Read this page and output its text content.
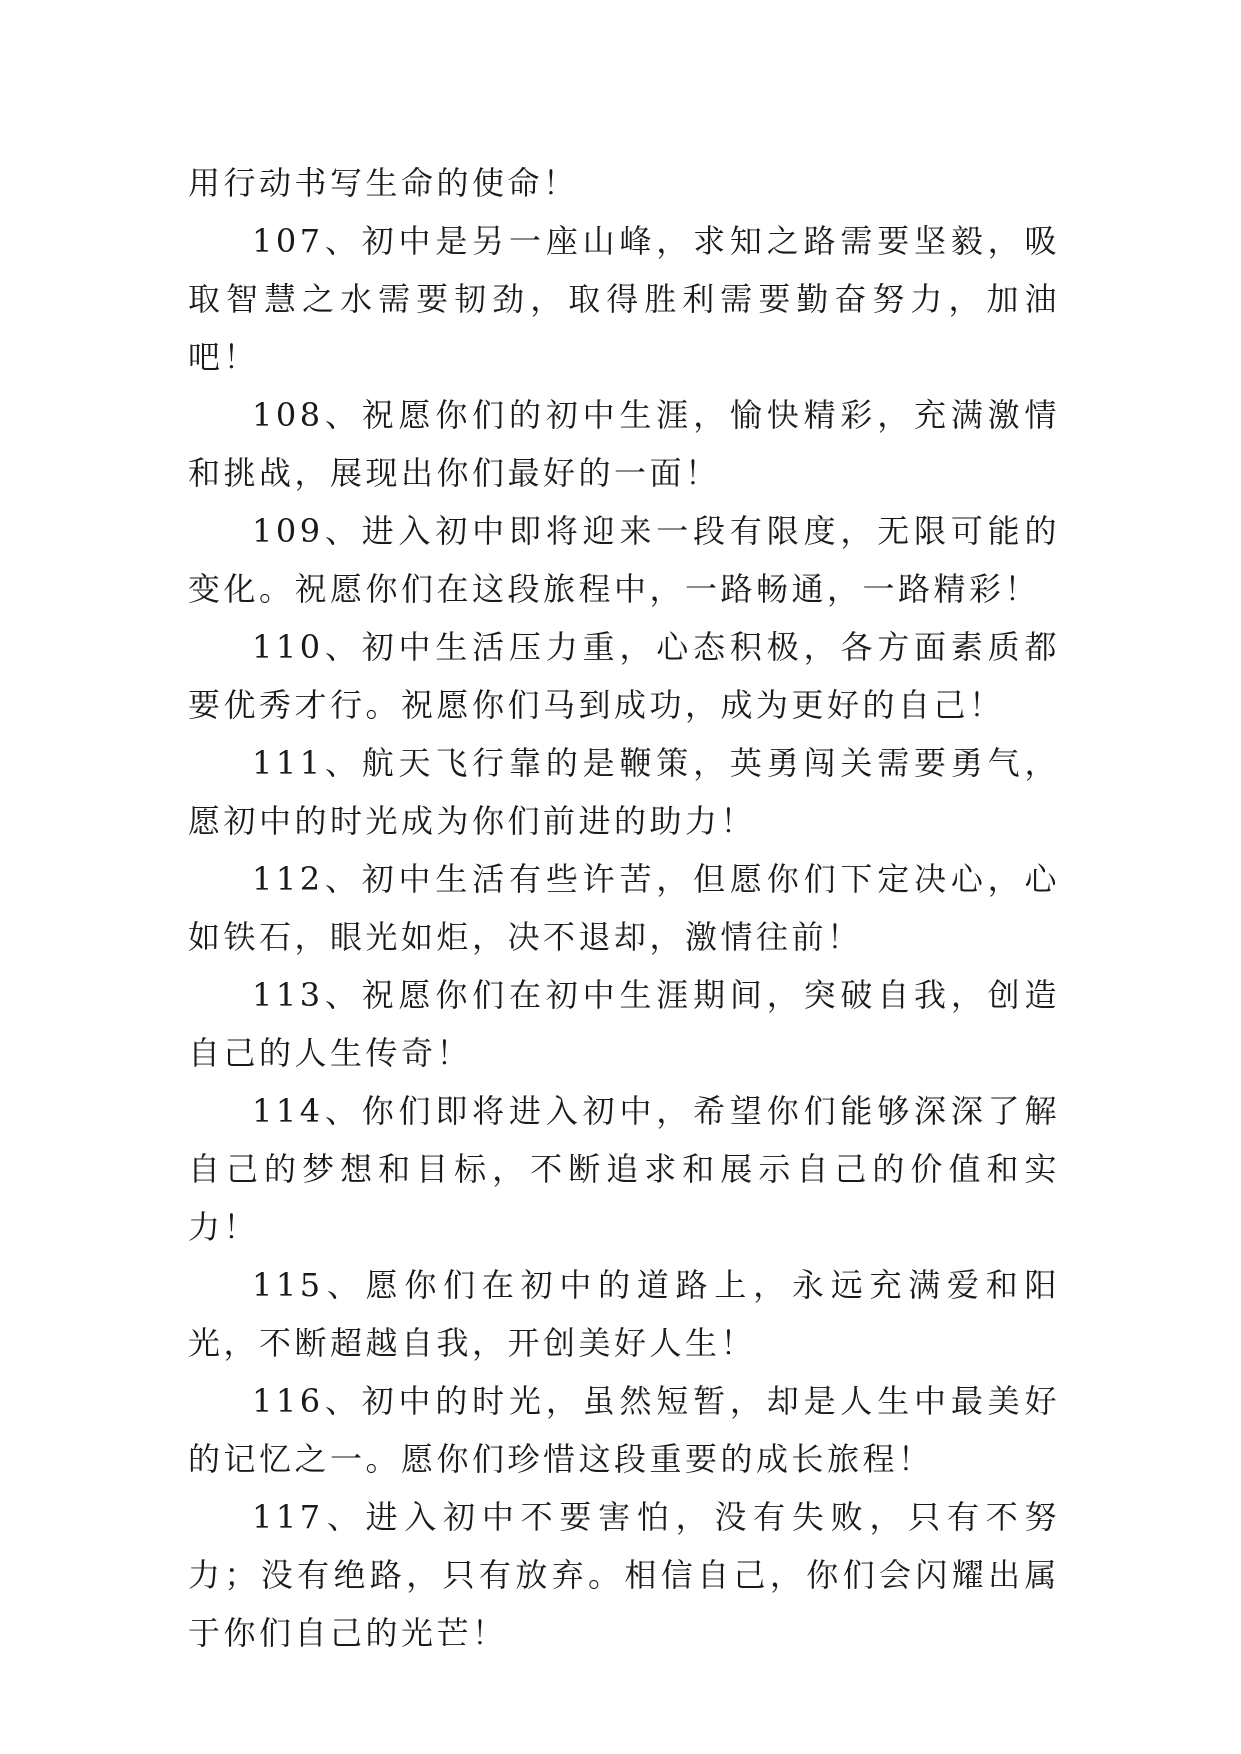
用行动书写生命的使命！

107、初中是另一座山峰，求知之路需要坚毅，吸取智慧之水需要韧劲，取得胜利需要勤奋努力，加油吧！

108、祝愿你们的初中生涯，愉快精彩，充满激情和挑战，展现出你们最好的一面！

109、进入初中即将迎来一段有限度，无限可能的变化。祝愿你们在这段旅程中，一路畅通，一路精彩！

110、初中生活压力重，心态积极，各方面素质都要优秀才行。祝愿你们马到成功，成为更好的自己！

111、航天飞行靠的是鞭策，英勇闯关需要勇气，愿初中的时光成为你们前进的助力！

112、初中生活有些许苦，但愿你们下定决心，心如铁石，眼光如炬，决不退却，激情往前！

113、祝愿你们在初中生涯期间，突破自我，创造自己的人生传奇！

114、你们即将进入初中，希望你们能够深深了解自己的梦想和目标，不断追求和展示自己的价值和实力！

115、愿你们在初中的道路上，永远充满爱和阳光，不断超越自我，开创美好人生！

116、初中的时光，虽然短暂，却是人生中最美好的记忆之一。愿你们珍惜这段重要的成长旅程！

117、进入初中不要害怕，没有失败，只有不努力；没有绝路，只有放弃。相信自己，你们会闪耀出属于你们自己的光芒！
